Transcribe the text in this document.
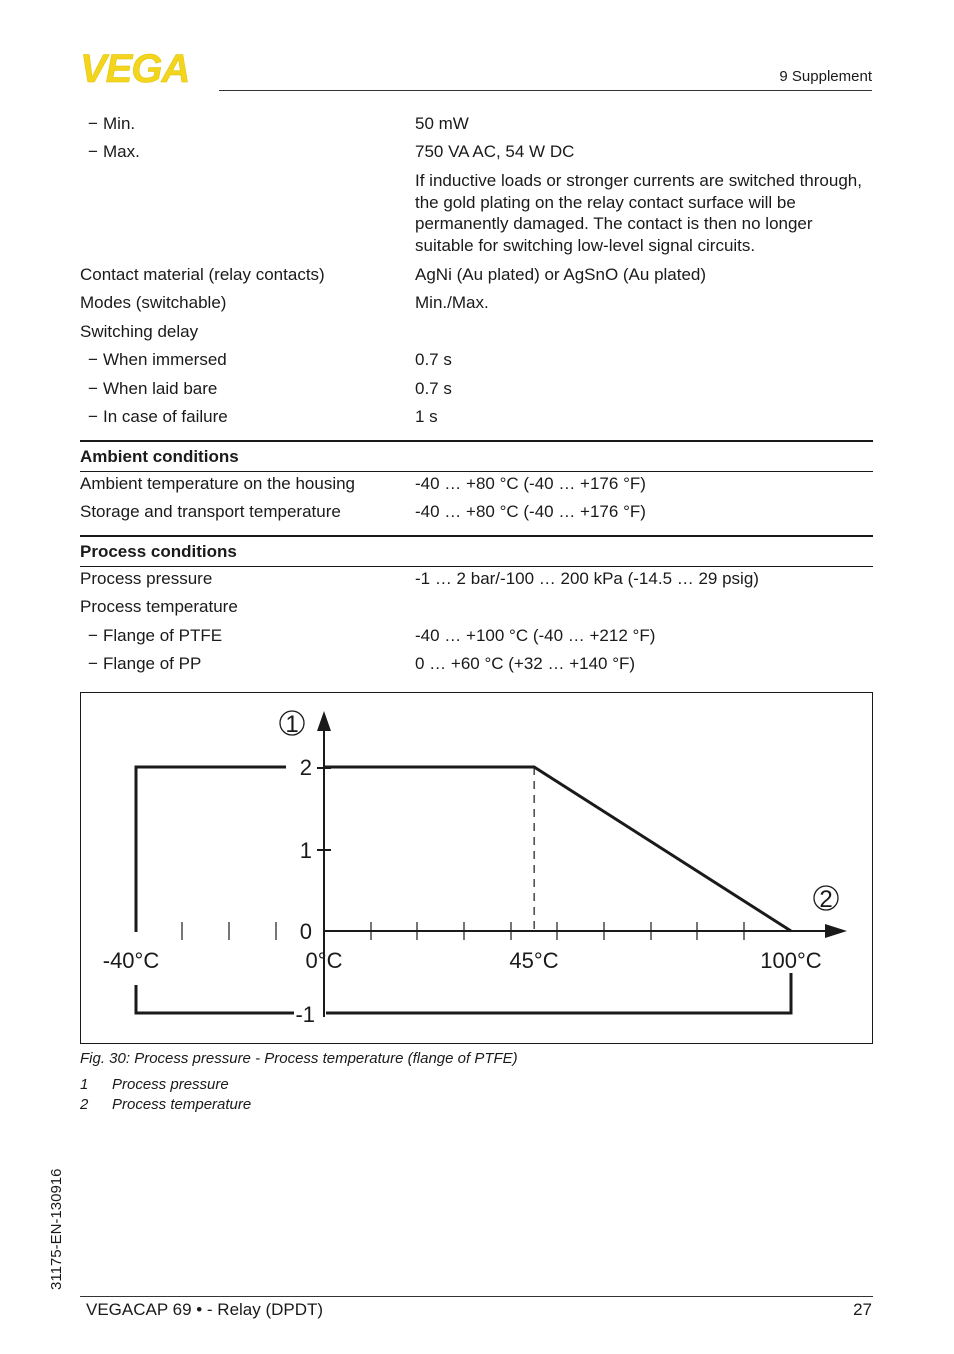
VEGA	9 Supplement
− Min.	50 mW
− Max.	750 VA AC, 54 W DC
If inductive loads or stronger currents are switched through, the gold plating on the relay contact surface will be permanently damaged. The contact is then no longer suitable for switching low-level signal circuits.
Contact material (relay contacts)	AgNi (Au plated) or AgSnO (Au plated)
Modes (switchable)	Min./Max.
Switching delay
− When immersed	0.7 s
− When laid bare	0.7 s
− In case of failure	1 s
Ambient conditions
Ambient temperature on the housing	-40 … +80 °C (-40 … +176 °F)
Storage and transport temperature	-40 … +80 °C (-40 … +176 °F)
Process conditions
Process pressure	-1 … 2 bar/-100 … 200 kPa (-14.5 … 29 psig)
Process temperature
− Flange of PTFE	-40 … +100 °C (-40 … +212 °F)
− Flange of PP	0 … +60 °C (+32 … +140 °F)
1
2
2
1
0
-1
-40°C	0°C	45°C	100°C
Fig. 30: Process pressure - Process temperature (flange of PTFE)
1 Process pressure
2 Process temperature
31175-EN-130916
VEGACAP 69 • - Relay (DPDT)	27
